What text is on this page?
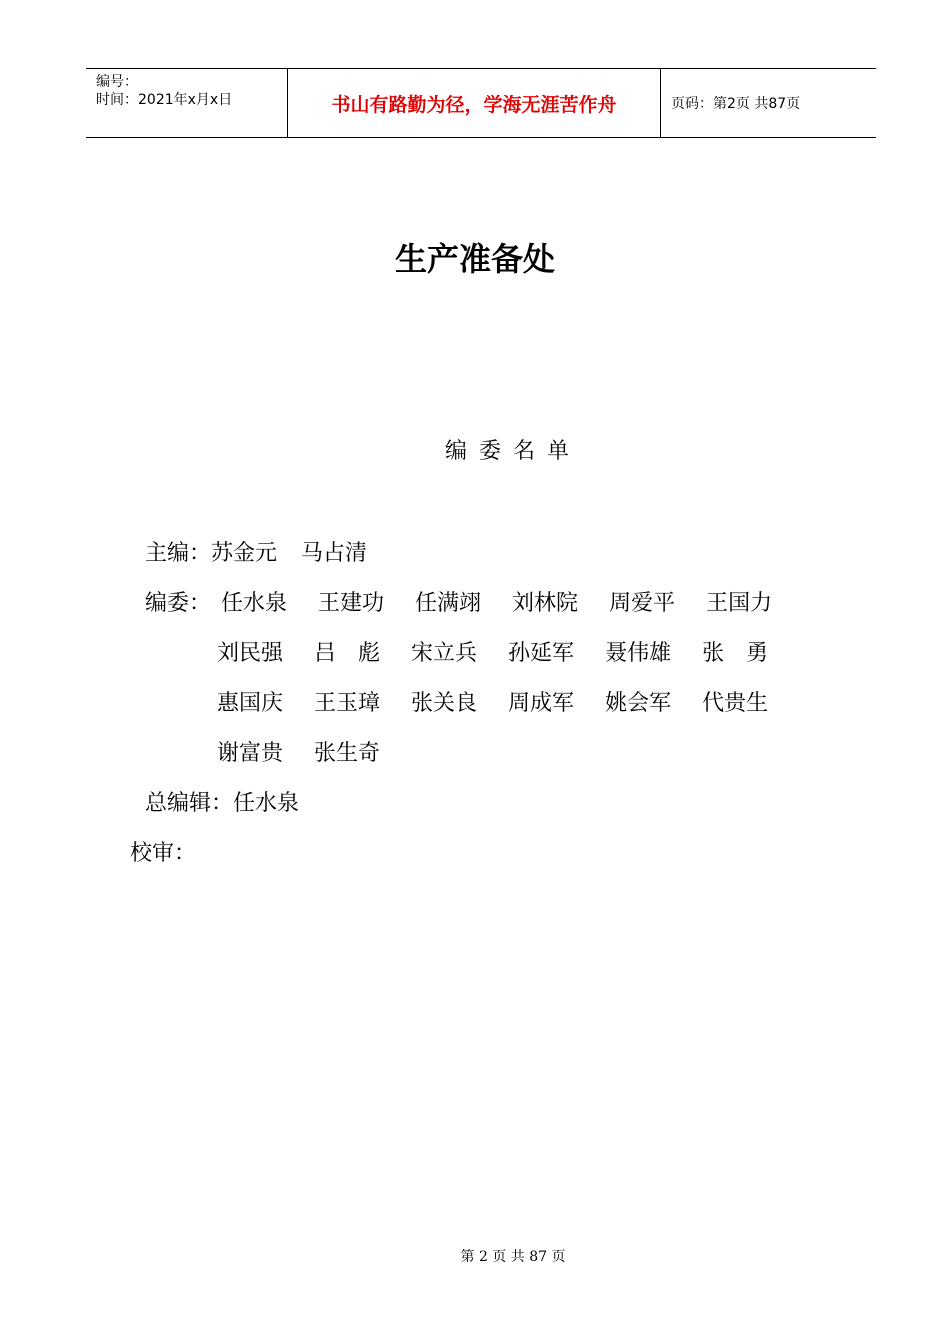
编号：
时间：2021年x月x日	书山有路勤为径，学海无涯苦作舟	页码：第2页 共87页
生产准备处
编委名单
主编：苏金元 马占清
编委： 任水泉 王建功 任满翊 刘林院 周爱平 王国力
刘民强 吕　彪 宋立兵 孙延军 聂伟雄 张　勇
惠国庆 王玉璋 张关良 周成军 姚会军 代贵生
谢富贵 张生奇
总编辑：任水泉
校审：
第 2 页 共 87 页
